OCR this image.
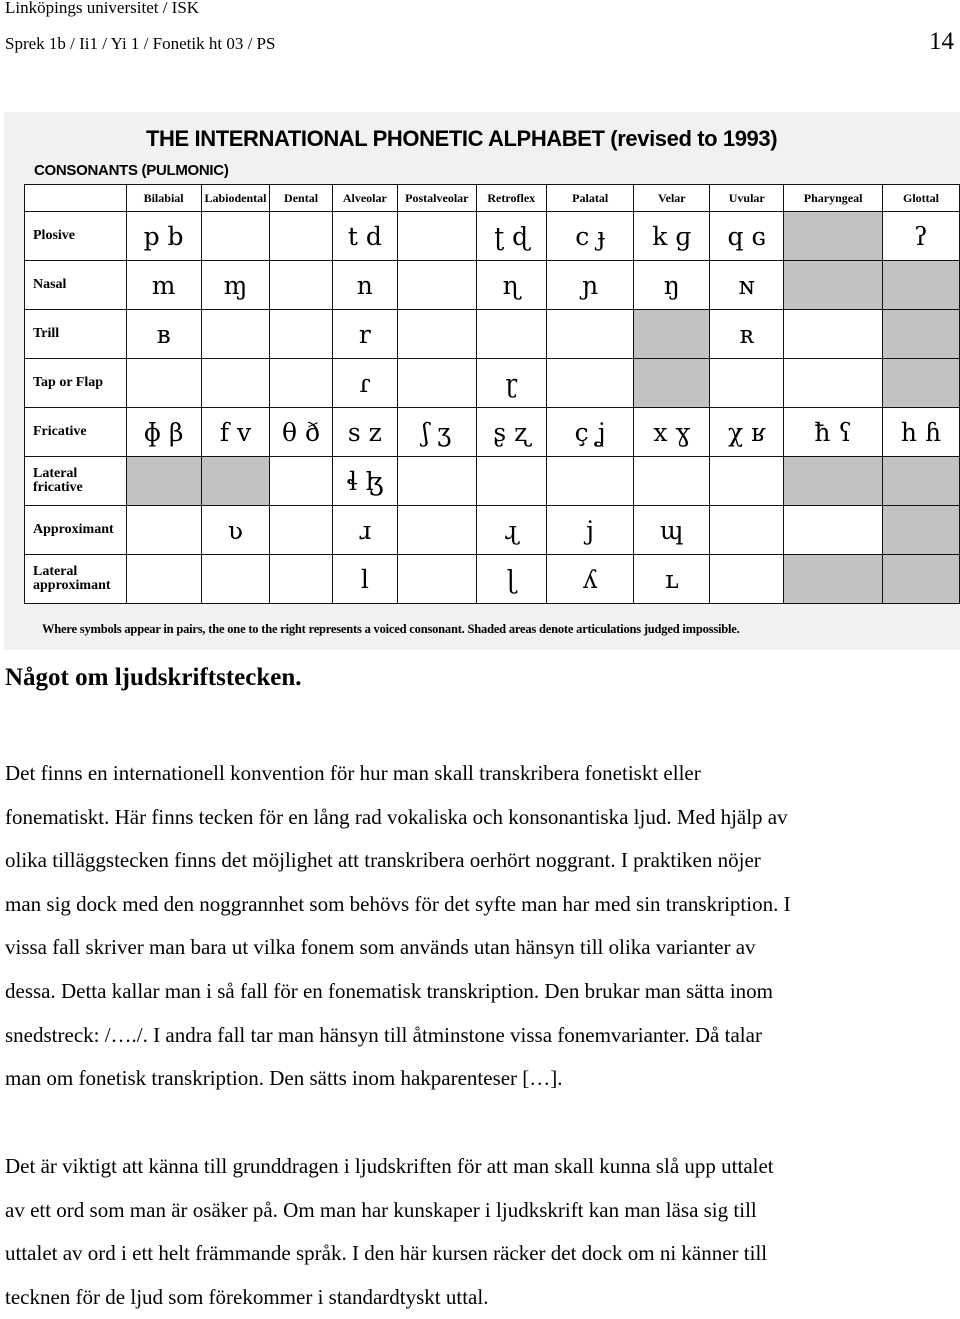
Linköpings universitet / ISK
Sprek 1b / Ii1 / Yi 1 / Fonetik ht 03 / PS	14
THE INTERNATIONAL PHONETIC ALPHABET (revised to 1993)
CONSONANTS (PULMONIC)
	Bilabial	Labiodental	Dental	Alveolar	Postalveolar	Retroflex	Palatal	Velar	Uvular	Pharyngeal	Glottal
Plosive	p b			t d		ʈ ɖ	c ɟ	k ɡ	q ɢ		ʔ
Nasal	m	ɱ		n		ɳ	ɲ	ŋ	ɴ		
Trill	ʙ			r					ʀ		
Tap or Flap				ɾ		ɽ					
Fricative	ɸ β	f v	θ ð	s z	ʃ ʒ	ʂ ʐ	ç ʝ	x ɣ	χ ʁ	ħ ʕ	h ɦ
Lateral fricative				ɬ ɮ							
Approximant		ʋ		ɹ		ɻ	j	ɰ			
Lateral approximant				l		ɭ	ʎ	ʟ			
Where symbols appear in pairs, the one to the right represents a voiced consonant. Shaded areas denote articulations judged impossible.
Något om ljudskriftstecken.

Det finns en internationell konvention för hur man skall transkribera fonetiskt eller
fonematiskt. Här finns tecken för en lång rad vokaliska och konsonantiska ljud. Med hjälp av
olika tilläggstecken finns det möjlighet att transkribera oerhört noggrant. I praktiken nöjer
man sig dock med den noggrannhet som behövs för det syfte man har med sin transkription. I
vissa fall skriver man bara ut vilka fonem som används utan hänsyn till olika varianter av
dessa. Detta kallar man i så fall för en fonematisk transkription. Den brukar man sätta inom
snedstreck: /…./. I andra fall tar man hänsyn till åtminstone vissa fonemvarianter. Då talar
man om fonetisk transkription. Den sätts inom hakparenteser […].

Det är viktigt att känna till grunddragen i ljudskriften för att man skall kunna slå upp uttalet
av ett ord som man är osäker på. Om man har kunskaper i ljudkskrift kan man läsa sig till
uttalet av ord i ett helt främmande språk. I den här kursen räcker det dock om ni känner till
tecknen för de ljud som förekommer i standardtyskt uttal.
